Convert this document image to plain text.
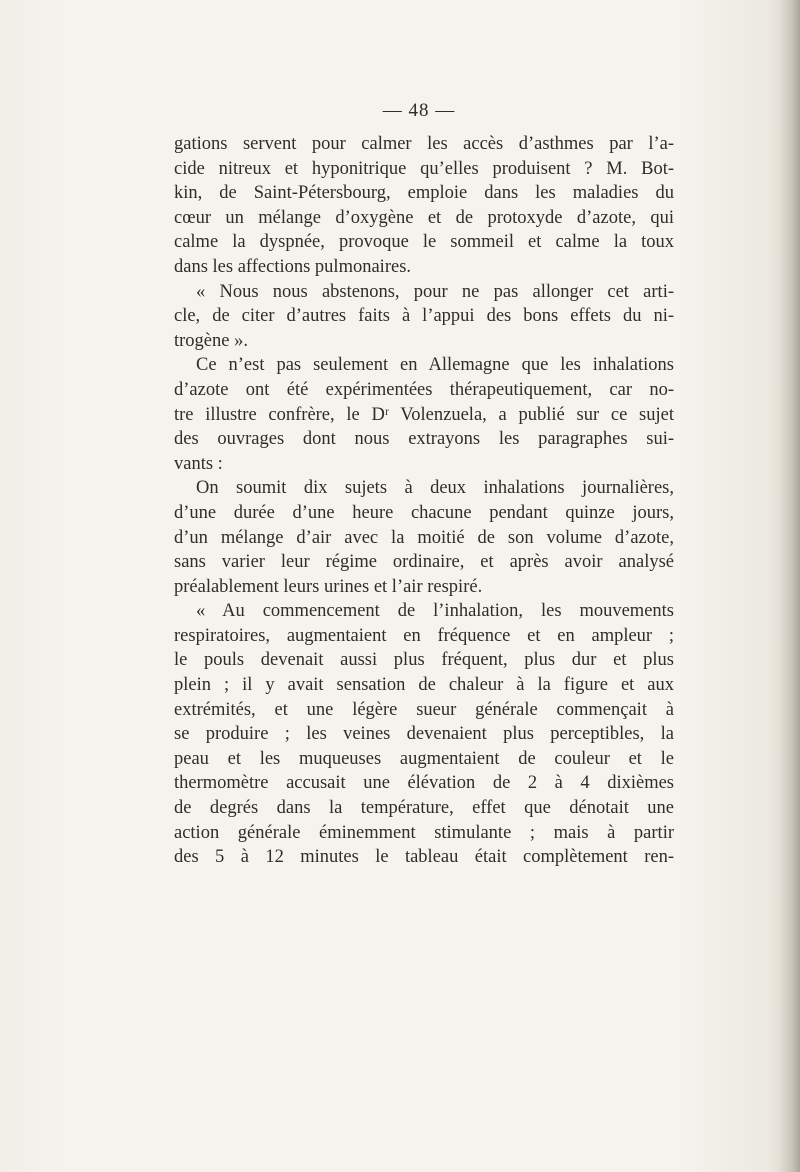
— 48 —
gations servent pour calmer les accès d’asthmes par l’a-
cide nitreux et hyponitrique qu’elles produisent ? M. Bot-
kin, de Saint-Pétersbourg, emploie dans les maladies du
cœur un mélange d’oxygène et de protoxyde d’azote, qui
calme la dyspnée, provoque le sommeil et calme la toux
dans les affections pulmonaires.
« Nous nous abstenons, pour ne pas allonger cet arti-
cle, de citer d’autres faits à l’appui des bons effets du ni-
trogène ».
Ce n’est pas seulement en Allemagne que les inhalations
d’azote ont été expérimentées thérapeutiquement, car no-
tre illustre confrère, le Dʳ Volenzuela, a publié sur ce sujet
des ouvrages dont nous extrayons les paragraphes sui-
vants :
On soumit dix sujets à deux inhalations journalières,
d’une durée d’une heure chacune pendant quinze jours,
d’un mélange d’air avec la moitié de son volume d’azote,
sans varier leur régime ordinaire, et après avoir analysé
préalablement leurs urines et l’air respiré.
« Au commencement de l’inhalation, les mouvements
respiratoires, augmentaient en fréquence et en ampleur ;
le pouls devenait aussi plus fréquent, plus dur et plus
plein ; il y avait sensation de chaleur à la figure et aux
extrémités, et une légère sueur générale commençait à
se produire ; les veines devenaient plus perceptibles, la
peau et les muqueuses augmentaient de couleur et le
thermomètre accusait une élévation de 2 à 4 dixièmes
de degrés dans la température, effet que dénotait une
action générale éminemment stimulante ; mais à partir
des 5 à 12 minutes le tableau était complètement ren-
